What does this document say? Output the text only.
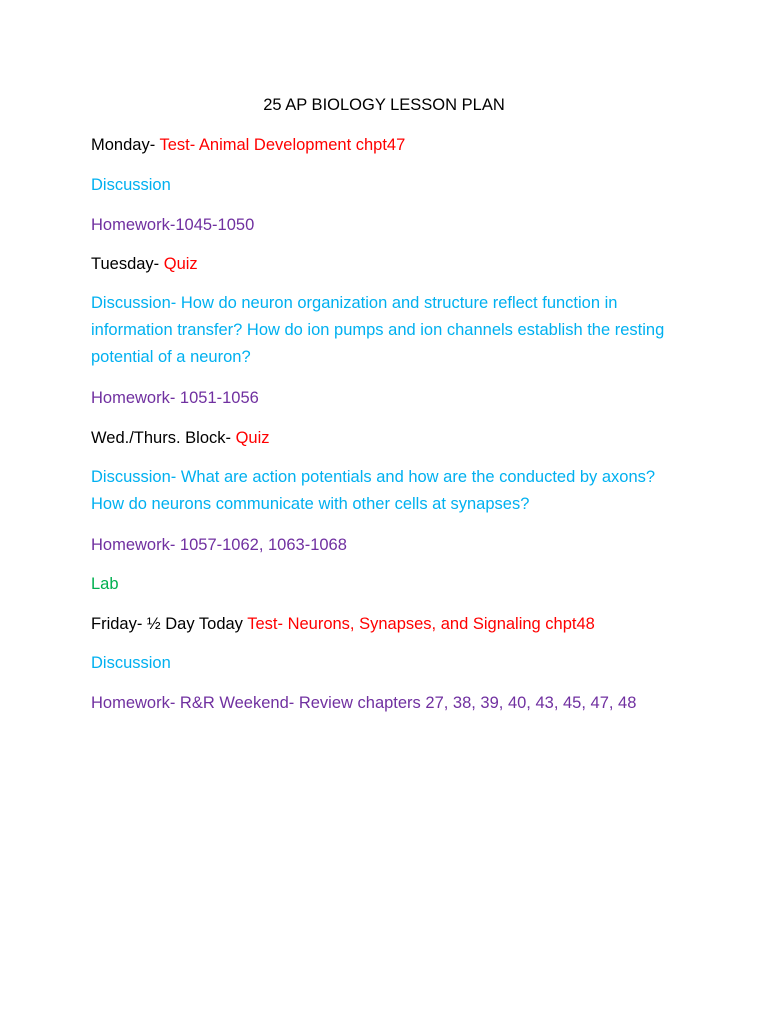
25 AP BIOLOGY LESSON PLAN

Monday- Test- Animal Development chpt47

Discussion

Homework-1045-1050

Tuesday- Quiz

Discussion- How do neuron organization and structure reflect function in information transfer? How do ion pumps and ion channels establish the resting potential of a neuron?

Homework- 1051-1056

Wed./Thurs. Block- Quiz

Discussion- What are action potentials and how are the conducted by axons? How do neurons communicate with other cells at synapses?

Homework- 1057-1062, 1063-1068

Lab

Friday- ½ Day Today Test- Neurons, Synapses, and Signaling chpt48

Discussion

Homework- R&R Weekend- Review chapters 27, 38, 39, 40, 43, 45, 47, 48
